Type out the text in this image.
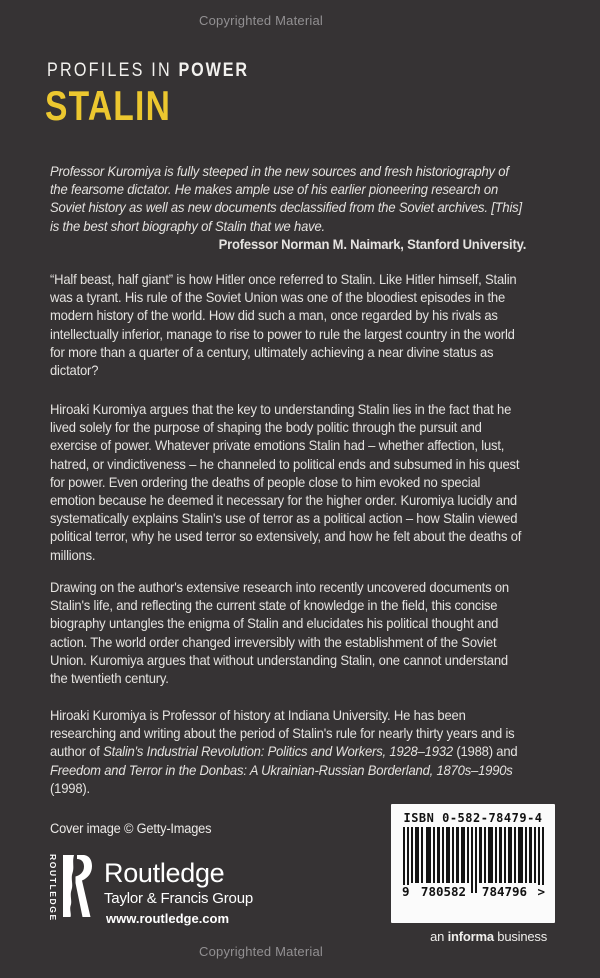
Copyrighted Material
PROFILES IN POWER
STALIN

Professor Kuromiya is fully steeped in the new sources and fresh historiography of the fearsome dictator. He makes ample use of his earlier pioneering research on Soviet history as well as new documents declassified from the Soviet archives. [This] is the best short biography of Stalin that we have.

Professor Norman M. Naimark, Stanford University.

“Half beast, half giant” is how Hitler once referred to Stalin. Like Hitler himself, Stalin was a tyrant. His rule of the Soviet Union was one of the bloodiest episodes in the modern history of the world. How did such a man, once regarded by his rivals as intellectually inferior, manage to rise to power to rule the largest country in the world for more than a quarter of a century, ultimately achieving a near divine status as dictator?

Hiroaki Kuromiya argues that the key to understanding Stalin lies in the fact that he lived solely for the purpose of shaping the body politic through the pursuit and exercise of power. Whatever private emotions Stalin had – whether affection, lust, hatred, or vindictiveness – he channeled to political ends and subsumed in his quest for power. Even ordering the deaths of people close to him evoked no special emotion because he deemed it necessary for the higher order. Kuromiya lucidly and systematically explains Stalin's use of terror as a political action – how Stalin viewed political terror, why he used terror so extensively, and how he felt about the deaths of millions.

Drawing on the author's extensive research into recently uncovered documents on Stalin's life, and reflecting the current state of knowledge in the field, this concise biography untangles the enigma of Stalin and elucidates his political thought and action. The world order changed irreversibly with the establishment of the Soviet Union. Kuromiya argues that without understanding Stalin, one cannot understand the twentieth century.

Hiroaki Kuromiya is Professor of history at Indiana University. He has been researching and writing about the period of Stalin's rule for nearly thirty years and is author of Stalin's Industrial Revolution: Politics and Workers, 1928–1932 (1988) and Freedom and Terror in the Donbas: A Ukrainian-Russian Borderland, 1870s–1990s (1998).

Cover image © Getty-Images
ROUTLEDGE Routledge
Taylor & Francis Group
www.routledge.com
ISBN 0-582-78479-4
9 780582	784796 >
an informa business
Copyrighted Material
